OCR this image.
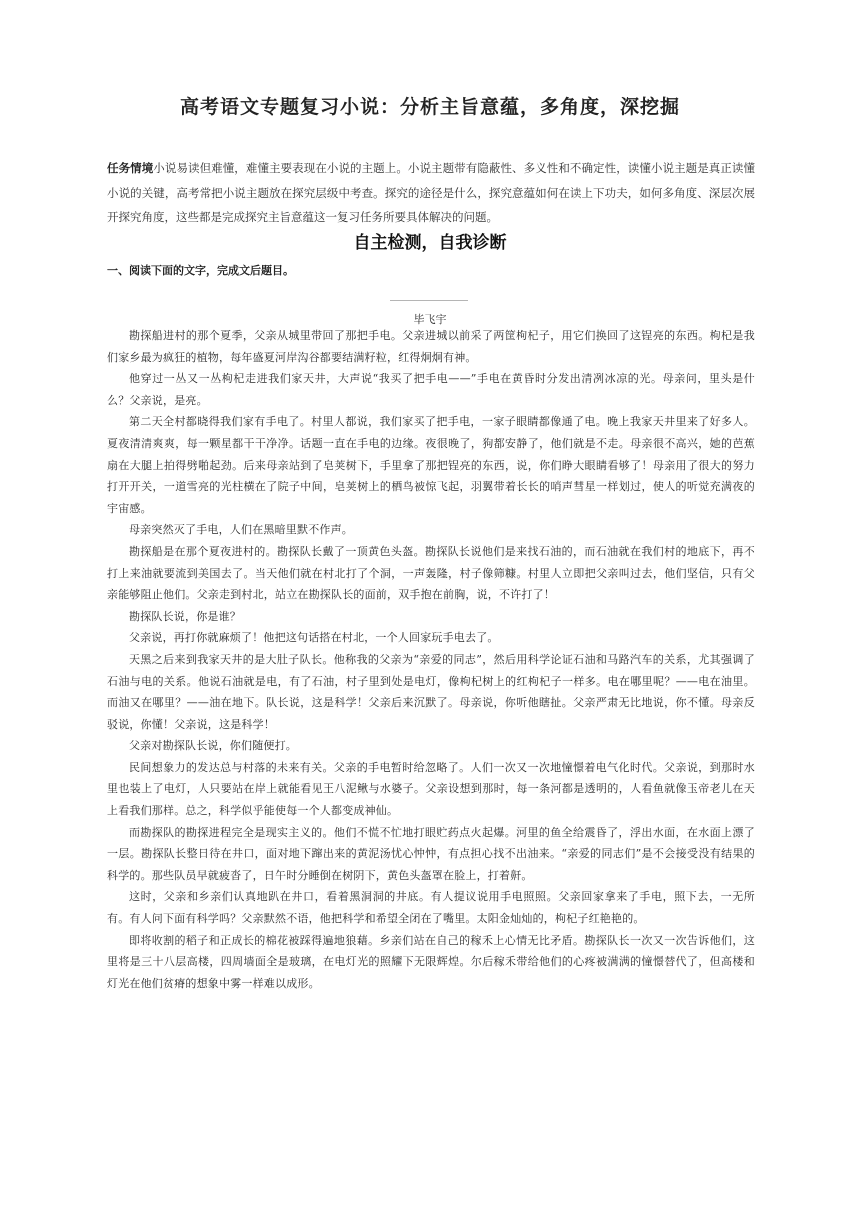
高考语文专题复习小说：分析主旨意蕴，多角度，深挖掘
任务情境小说易读但难懂，难懂主要表现在小说的主题上。小说主题带有隐蔽性、多义性和不确定性，读懂小说主题是真正读懂小说的关键，高考常把小说主题放在探究层级中考查。探究的途径是什么，探究意蕴如何在读上下功夫，如何多角度、深层次展开探究角度，这些都是完成探究主旨意蕴这一复习任务所要具体解决的问题。
自主检测，自我诊断
一、阅读下面的文字，完成文后题目。
毕飞宇

勘探船进村的那个夏季，父亲从城里带回了那把手电。父亲进城以前采了两筐枸杞子，用它们换回了这锃亮的东西。枸杞是我们家乡最为疯狂的植物，每年盛夏河岸沟谷都要结满籽粒，红得炯炯有神。

他穿过一丛又一丛枸杞走进我们家天井，大声说“我买了把手电——”手电在黄昏时分发出清冽冰凉的光。母亲问，里头是什么？父亲说，是亮。

第二天全村都晓得我们家有手电了。村里人都说，我们家买了把手电，一家子眼睛都像通了电。晚上我家天井里来了好多人。夏夜清清爽爽，每一颗星都干干净净。话题一直在手电的边缘。夜很晚了，狗都安静了，他们就是不走。母亲很不高兴，她的芭蕉扇在大腿上拍得劈啪起劲。后来母亲站到了皂荚树下，手里拿了那把锃亮的东西，说，你们睁大眼睛看够了！母亲用了很大的努力打开开关，一道雪亮的光柱横在了院子中间，皂荚树上的栖鸟被惊飞起，羽翼带着长长的哨声彗星一样划过，使人的听觉充满夜的宇宙感。

母亲突然灭了手电，人们在黑暗里默不作声。

勘探船是在那个夏夜进村的。勘探队长戴了一顶黄色头盔。勘探队长说他们是来找石油的，而石油就在我们村的地底下，再不打上来油就要流到美国去了。当天他们就在村北打了个洞，一声轰隆，村子像筛糠。村里人立即把父亲叫过去，他们坚信，只有父亲能够阻止他们。父亲走到村北，站立在勘探队长的面前，双手抱在前胸，说，不许打了！

勘探队长说，你是谁？

父亲说，再打你就麻烦了！他把这句话搭在村北，一个人回家玩手电去了。

天黑之后来到我家天井的是大肚子队长。他称我的父亲为“亲爱的同志”，然后用科学论证石油和马路汽车的关系，尤其强调了石油与电的关系。他说石油就是电，有了石油，村子里到处是电灯，像枸杞树上的红枸杞子一样多。电在哪里呢？——电在油里。而油又在哪里？——油在地下。队长说，这是科学！父亲后来沉默了。母亲说，你听他瞎扯。父亲严肃无比地说，你不懂。母亲反驳说，你懂！父亲说，这是科学！

父亲对勘探队长说，你们随便打。

民间想象力的发达总与村落的未来有关。父亲的手电暂时给忽略了。人们一次又一次地憧憬着电气化时代。父亲说，到那时水里也装上了电灯，人只要站在岸上就能看见王八泥鳅与水婆子。父亲设想到那时，每一条河都是透明的，人看鱼就像玉帝老儿在天上看我们那样。总之，科学似乎能使每一个人都变成神仙。

而勘探队的勘探进程完全是现实主义的。他们不慌不忙地打眼贮药点火起爆。河里的鱼全给震昏了，浮出水面，在水面上漂了一层。勘探队长整日待在井口，面对地下蹿出来的黄泥汤忧心忡忡，有点担心找不出油来。“亲爱的同志们”是不会接受没有结果的科学的。那些队员早就疲沓了，日午时分睡倒在树阴下，黄色头盔罩在脸上，打着鼾。

这时，父亲和乡亲们认真地趴在井口，看着黑洞洞的井底。有人提议说用手电照照。父亲回家拿来了手电，照下去，一无所有。有人问下面有科学吗？父亲默然不语，他把科学和希望全闭在了嘴里。太阳金灿灿的，枸杞子红艳艳的。

即将收割的稻子和正成长的棉花被踩得遍地狼藉。乡亲们站在自己的稼禾上心情无比矛盾。勘探队长一次又一次告诉他们，这里将是三十八层高楼，四周墙面全是玻璃，在电灯光的照耀下无限辉煌。尔后稼禾带给他们的心疼被满满的憧憬替代了，但高楼和灯光在他们贫瘠的想象中雾一样难以成形。
